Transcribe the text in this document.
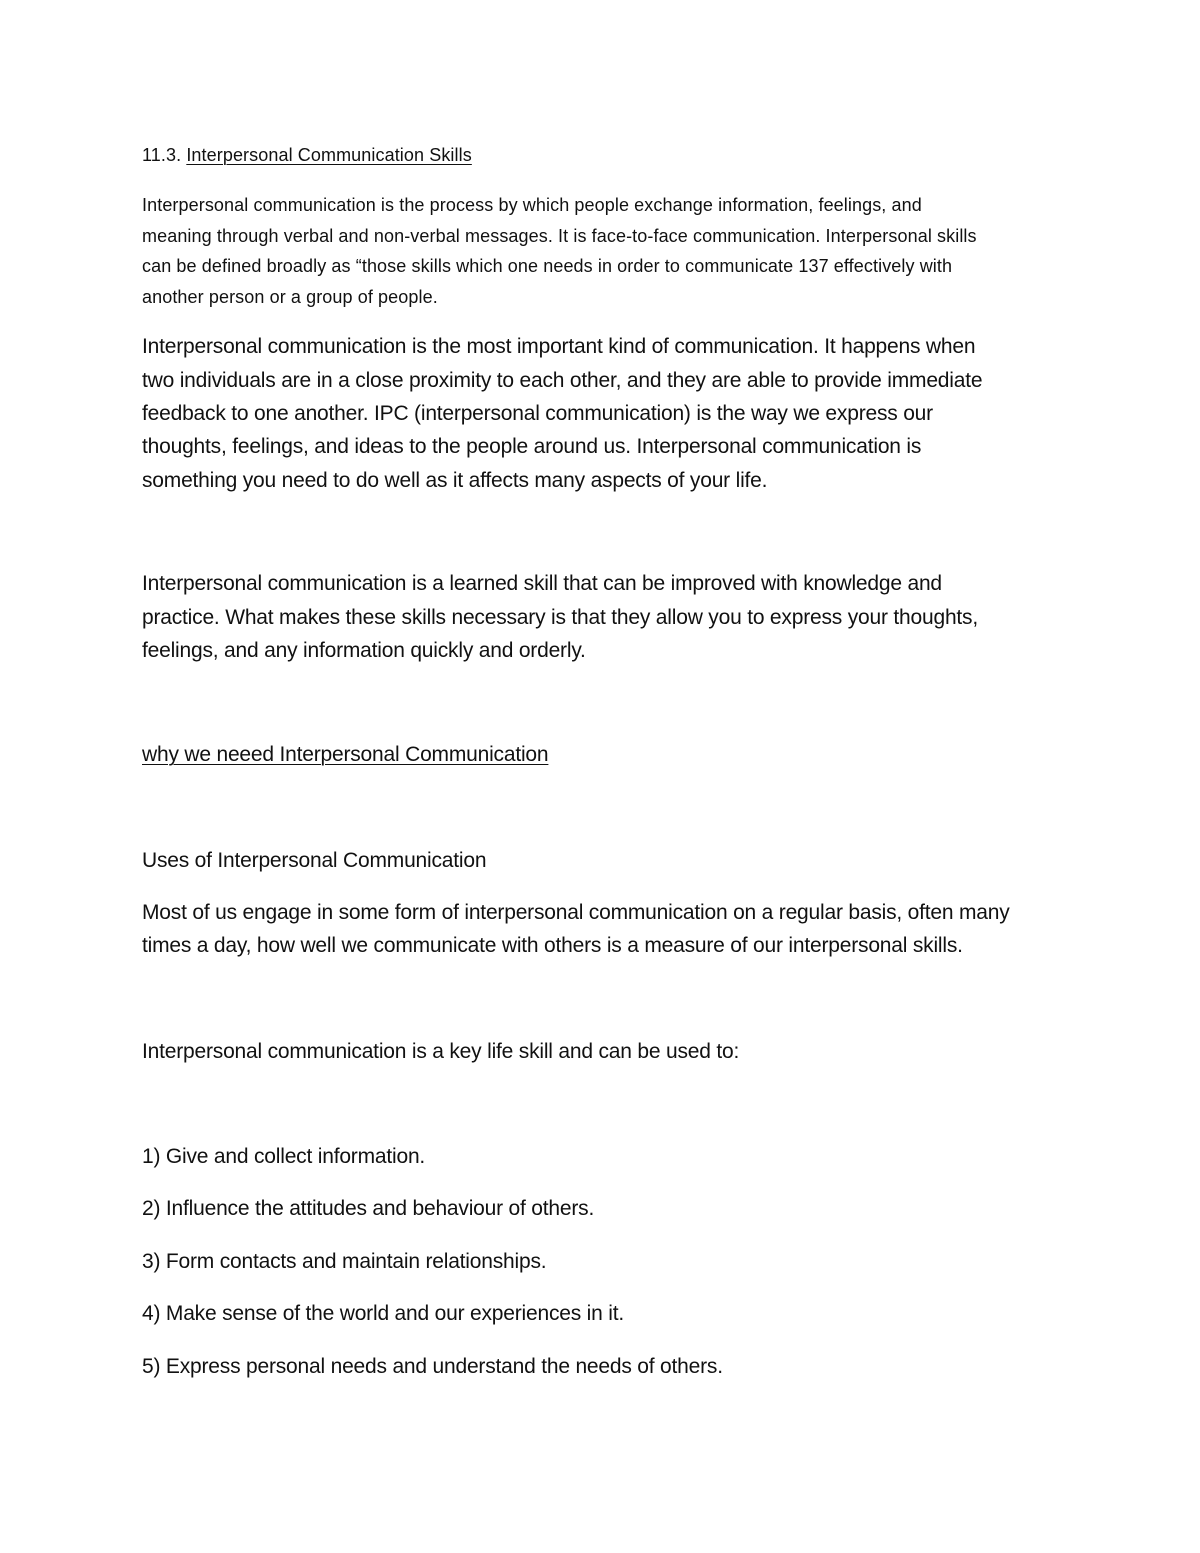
11.3. Interpersonal Communication Skills

Interpersonal communication is the process by which people exchange information, feelings, and

meaning through verbal and non-verbal messages. It is face-to-face communication. Interpersonal skills

can be defined broadly as “those skills which one needs in order to communicate 137 effectively with

another person or a group of people.

Interpersonal communication is the most important kind of communication. It happens when

two individuals are in a close proximity to each other, and they are able to provide immediate

feedback to one another. IPC (interpersonal communication) is the way we express our

thoughts, feelings, and ideas to the people around us. Interpersonal communication is

something you need to do well as it affects many aspects of your life.

Interpersonal communication is a learned skill that can be improved with knowledge and

practice. What makes these skills necessary is that they allow you to express your thoughts,

feelings, and any information quickly and orderly.

why we neeed Interpersonal Communication

Uses of Interpersonal Communication

Most of us engage in some form of interpersonal communication on a regular basis, often many

times a day, how well we communicate with others is a measure of our interpersonal skills.

Interpersonal communication is a key life skill and can be used to:

1) Give and collect information.

2) Influence the attitudes and behaviour of others.

3) Form contacts and maintain relationships.

4) Make sense of the world and our experiences in it.

5) Express personal needs and understand the needs of others.
